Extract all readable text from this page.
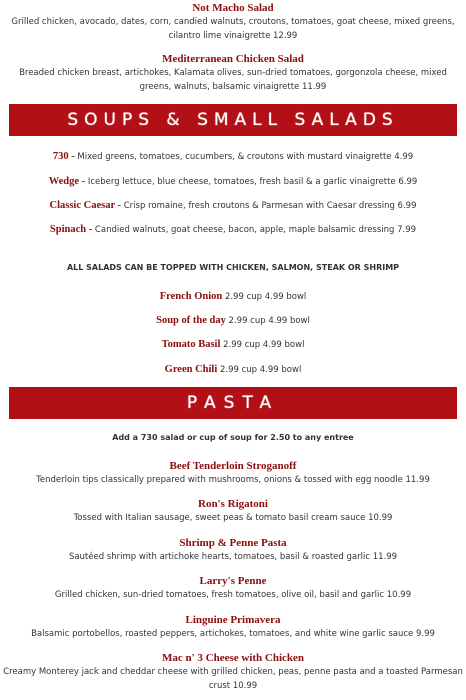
Not Macho Salad
Grilled chicken, avocado, dates, corn, candied walnuts, croutons, tomatoes, goat cheese, mixed greens, cilantro lime vinaigrette 12.99
Mediterranean Chicken Salad
Breaded chicken breast, artichokes, Kalamata olives, sun-dried tomatoes, gorgonzola cheese, mixed greens, walnuts, balsamic vinaigrette 11.99
SOUPS & SMALL SALADS
730 - Mixed greens, tomatoes, cucumbers, & croutons with mustard vinaigrette 4.99
Wedge - Iceberg lettuce, blue cheese, tomatoes, fresh basil & a garlic vinaigrette 6.99
Classic Caesar - Crisp romaine, fresh croutons & Parmesan with Caesar dressing 6.99
Spinach - Candied walnuts, goat cheese, bacon, apple, maple balsamic dressing 7.99
ALL SALADS CAN BE TOPPED WITH CHICKEN, SALMON, STEAK OR SHRIMP
French Onion 2.99 cup 4.99 bowl
Soup of the day 2.99 cup 4.99 bowl
Tomato Basil 2.99 cup 4.99 bowl
Green Chili 2.99 cup 4.99 bowl
PASTA
Add a 730 salad or cup of soup for 2.50 to any entree
Beef Tenderloin Stroganoff
Tenderloin tips classically prepared with mushrooms, onions & tossed with egg noodle 11.99
Ron's Rigatoni
Tossed with Italian sausage, sweet peas & tomato basil cream sauce 10.99
Shrimp & Penne Pasta
Sautéed shrimp with artichoke hearts, tomatoes, basil & roasted garlic 11.99
Larry's Penne
Grilled chicken, sun-dried tomatoes, fresh tomatoes, olive oil, basil and garlic 10.99
Linguine Primavera
Balsamic portobellos, roasted peppers, artichokes, tomatoes, and white wine garlic sauce 9.99
Mac n' 3 Cheese with Chicken
Creamy Monterey jack and cheddar cheese with grilled chicken, peas, penne pasta and a toasted Parmesan crust 10.99
